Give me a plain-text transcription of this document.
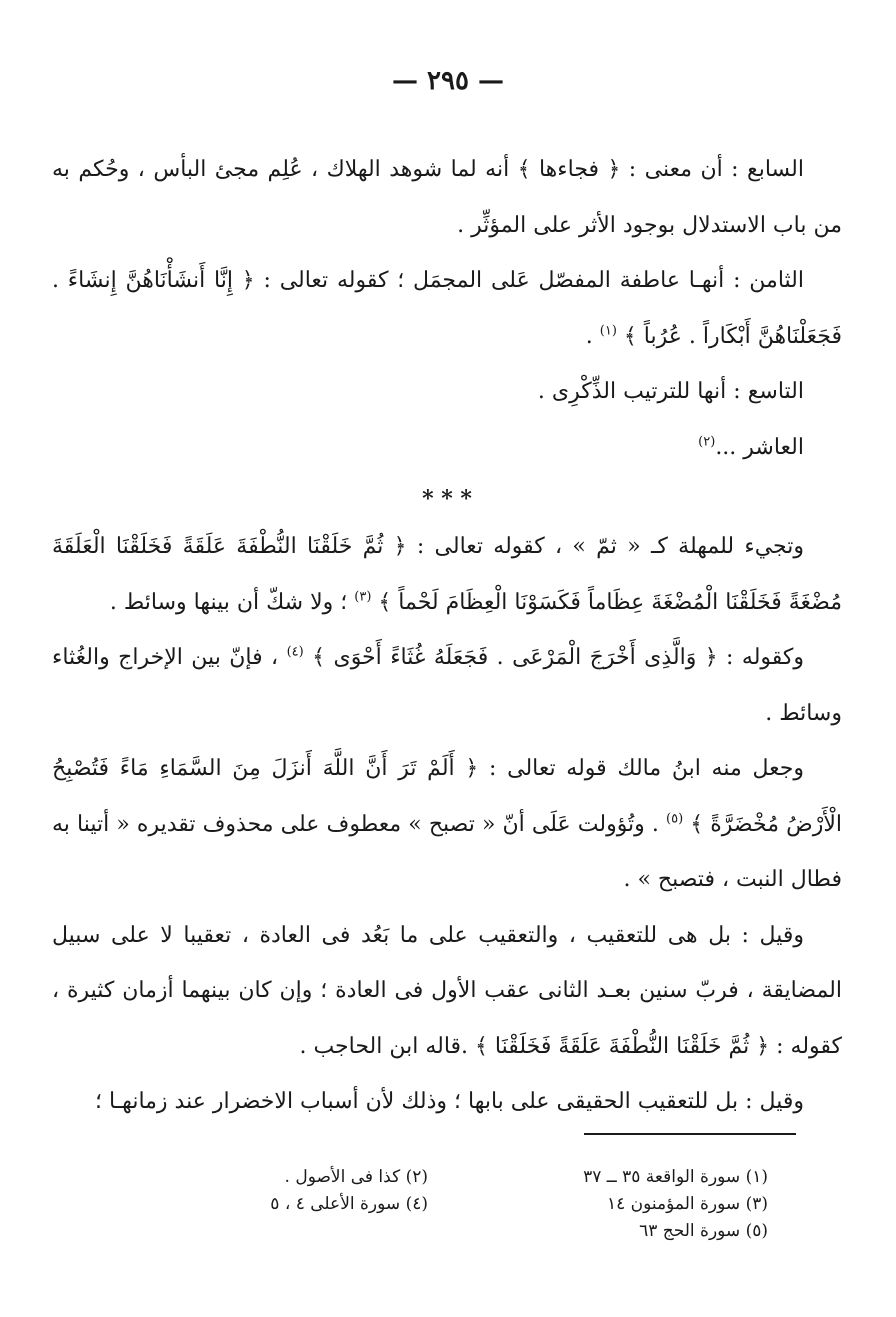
— ٢٩٥ —

السابع : أن معنى : ﴿ فجاءها ﴾ أنه لما شوهد الهلاك ، عُلِم مجئ البأس ، وحُكم به من باب الاستدلال بوجود الأثر على المؤثِّر .

الثامن : أنهـا عاطفة المفصّل عَلى المجمَل ؛ كقوله تعالى : ﴿ إِنَّا أَنشَأْنَاهُنَّ إِنشَاءً . فَجَعَلْنَاهُنَّ أَبْكَاراً . عُرُباً ﴾ $^{(١)}$ .

التاسع : أنها للترتيب الذِّكْرِى .

العاشر ...$^{(٢)}$

* * *

وتجيء للمهلة كـ « ثمّ » ، كقوله تعالى : ﴿ ثُمَّ خَلَقْنَا النُّطْفَةَ عَلَقَةً فَخَلَقْنَا الْعَلَقَةَ مُضْغَةً فَخَلَقْنَا الْمُضْغَةَ عِظَاماً فَكَسَوْنَا الْعِظَامَ لَحْماً ﴾ $^{(٣)}$ ؛ ولا شكّ أن بينها وسائط .

وكقوله : ﴿ وَالَّذِى أَخْرَجَ الْمَرْعَى . فَجَعَلَهُ غُثَاءً أَحْوَى ﴾ $^{(٤)}$ ، فإنّ بين الإخراج والغُثاء وسائط .

وجعل منه ابنُ مالك قوله تعالى : ﴿ أَلَمْ تَرَ أَنَّ اللَّهَ أَنزَلَ مِنَ السَّمَاءِ مَاءً فَتُصْبِحُ الْأَرْضُ مُخْضَرَّةً ﴾ $^{(٥)}$ . وتُؤولت عَلَى أنّ « تصبح » معطوف على محذوف تقديره « أتينا به فطال النبت ، فتصبح » .

وقيل : بل هى للتعقيب ، والتعقيب على ما بَعُد فى العادة ، تعقيبا لا على سبيل المضايقة ، فربّ سنين بعـد الثانى عقب الأول فى العادة ؛ وإن كان بينهما أزمان كثيرة ، كقوله : ﴿ ثُمَّ خَلَقْنَا النُّطْفَةَ عَلَقَةً فَخَلَقْنَا ﴾ .قاله ابن الحاجب .

وقيل : بل للتعقيب الحقيقى على بابها ؛ وذلك لأن أسباب الاخضرار عند زمانهـا ؛

(١) سورة الواقعة ٣٥ ــ ٣٧
(٢) كذا فى الأصول .
(٣) سورة المؤمنون ١٤
(٤) سورة الأعلى ٤ ، ٥
(٥) سورة الحج ٦٣
